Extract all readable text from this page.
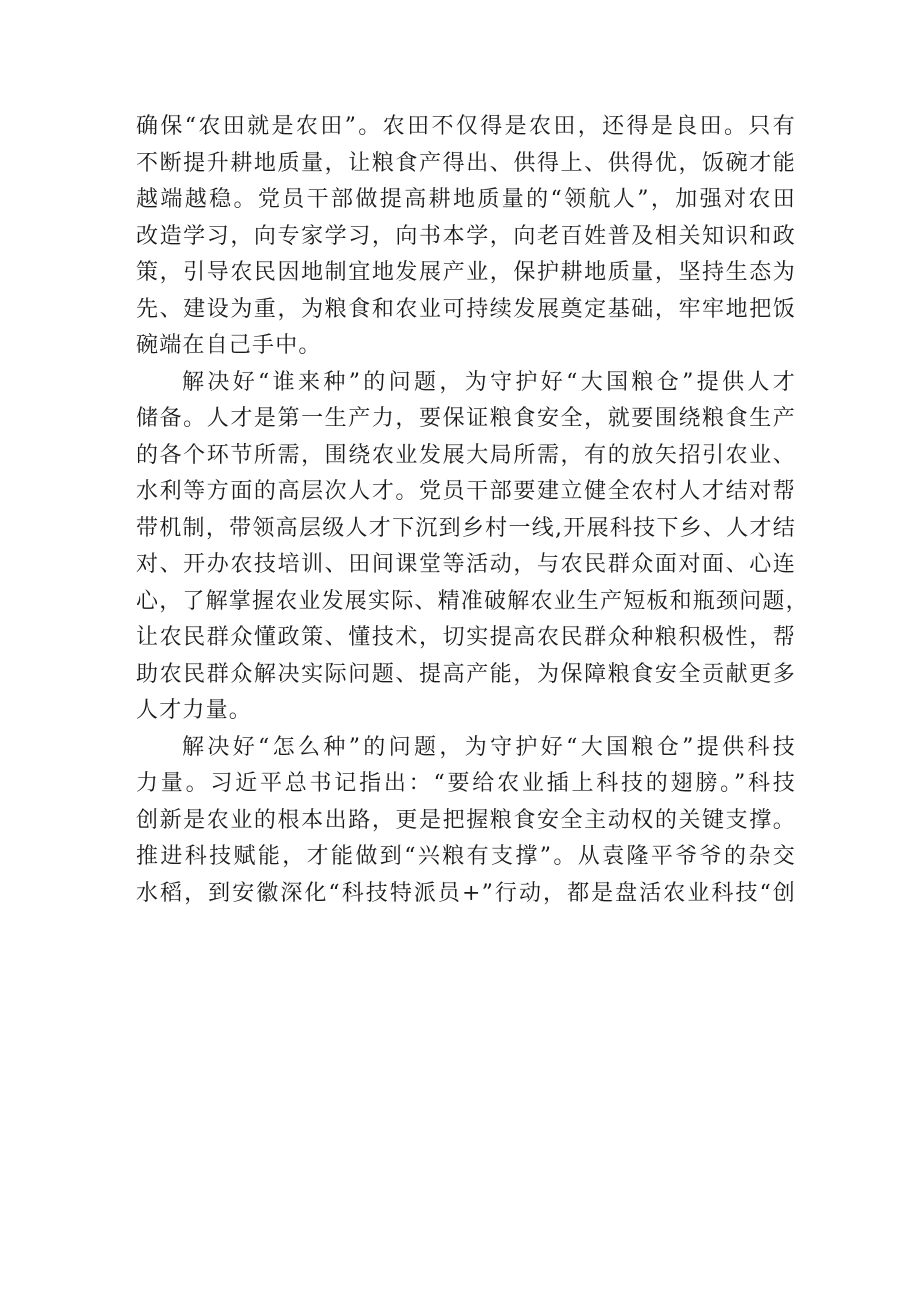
确保“农田就是农田”。农田不仅得是农田，还得是良田。只有
不断提升耕地质量，让粮食产得出、供得上、供得优，饭碗才能
越端越稳。党员干部做提高耕地质量的“领航人”，加强对农田
改造学习，向专家学习，向书本学，向老百姓普及相关知识和政
策，引导农民因地制宜地发展产业，保护耕地质量，坚持生态为
先、建设为重，为粮食和农业可持续发展奠定基础，牢牢地把饭
碗端在自己手中。
解决好“谁来种”的问题，为守护好“大国粮仓”提供人才
储备。人才是第一生产力，要保证粮食安全，就要围绕粮食生产
的各个环节所需，围绕农业发展大局所需，有的放矢招引农业、
水利等方面的高层次人才。党员干部要建立健全农村人才结对帮
带机制，带领高层级人才下沉到乡村一线,开展科技下乡、人才结
对、开办农技培训、田间课堂等活动，与农民群众面对面、心连
心，了解掌握农业发展实际、精准破解农业生产短板和瓶颈问题，
让农民群众懂政策、懂技术，切实提高农民群众种粮积极性，帮
助农民群众解决实际问题、提高产能，为保障粮食安全贡献更多
人才力量。
解决好“怎么种”的问题，为守护好“大国粮仓”提供科技
力量。习近平总书记指出：“要给农业插上科技的翅膀。”科技
创新是农业的根本出路，更是把握粮食安全主动权的关键支撑。
推进科技赋能，才能做到“兴粮有支撑”。从袁隆平爷爷的杂交
水稻，到安徽深化“科技特派员+”行动，都是盘活农业科技“创
